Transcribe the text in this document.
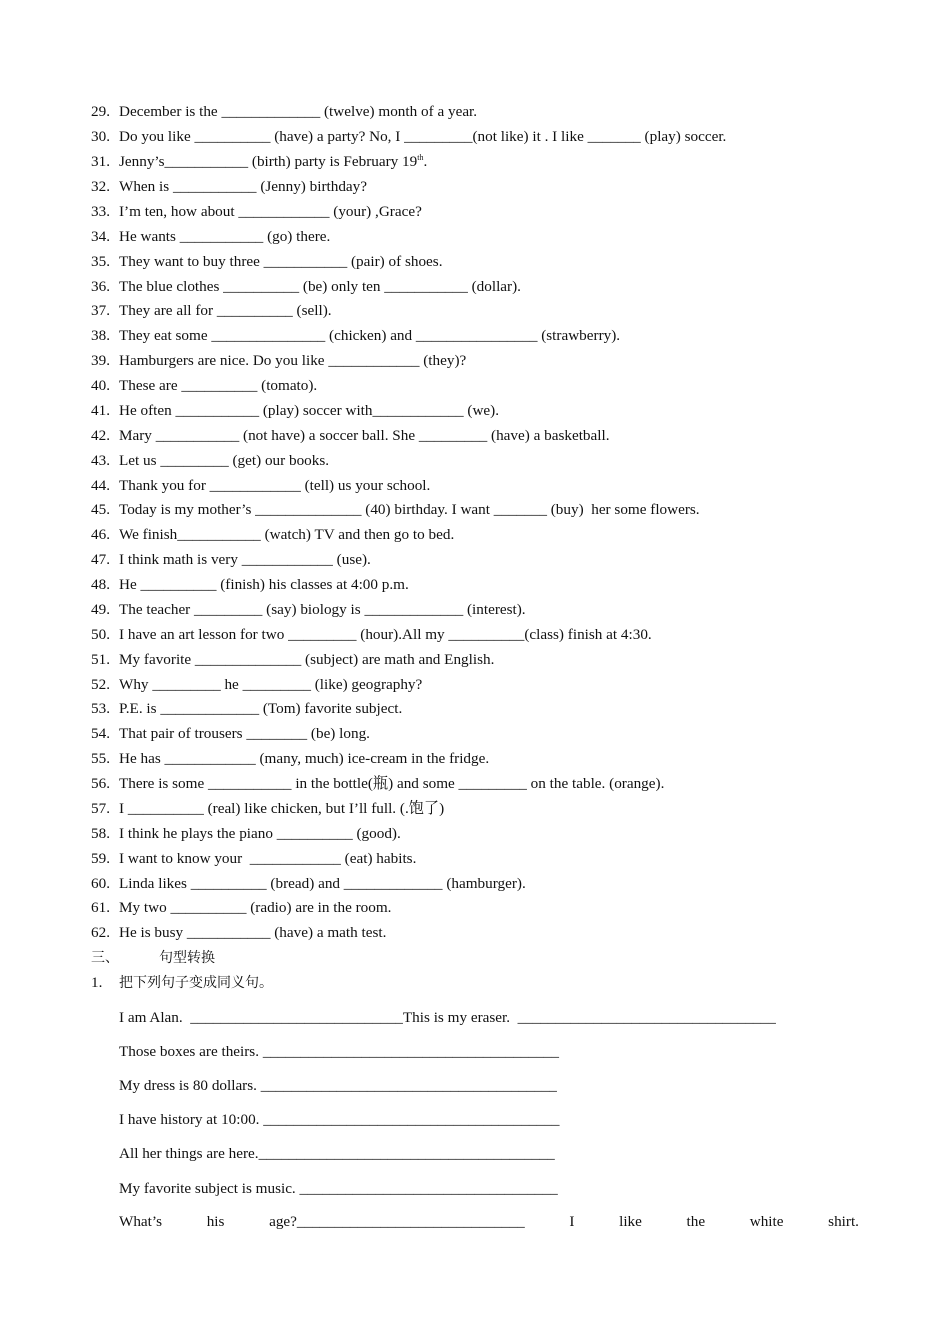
29. December is the _____________ (twelve) month of a year.
30. Do you like __________ (have) a party? No, I _________(not like) it . I like _______ (play) soccer.
31. Jenny’s___________ (birth) party is February 19th.
32. When is ___________ (Jenny) birthday?
33. I’m ten, how about ____________ (your) ,Grace?
34. He wants ___________ (go) there.
35. They want to buy three ___________ (pair) of shoes.
36. The blue clothes __________ (be) only ten ___________ (dollar).
37. They are all for __________ (sell).
38. They eat some _______________ (chicken) and ________________ (strawberry).
39. Hamburgers are nice. Do you like ____________ (they)?
40. These are __________ (tomato).
41. He often ___________ (play) soccer with____________ (we).
42. Mary ___________ (not have) a soccer ball. She _________ (have) a basketball.
43. Let us _________ (get) our books.
44. Thank you for ____________ (tell) us your school.
45. Today is my mother’s ______________ (40) birthday. I want _______ (buy)  her some flowers.
46. We finish___________ (watch) TV and then go to bed.
47. I think math is very ____________ (use).
48. He __________ (finish) his classes at 4:00 p.m.
49. The teacher _________ (say) biology is _____________ (interest).
50. I have an art lesson for two _________ (hour).All my __________(class) finish at 4:30.
51. My favorite ______________ (subject) are math and English.
52. Why _________ he _________ (like) geography?
53. P.E. is _____________ (Tom) favorite subject.
54. That pair of trousers ________ (be) long.
55. He has ____________ (many, much) ice-cream in the fridge.
56. There is some ___________ in the bottle(瓶) and some _________ on the table. (orange).
57. I __________ (real) like chicken, but I’ll full. (.饱了)
58. I think he plays the piano __________ (good).
59. I want to know your  ____________ (eat) habits.
60. Linda likes __________ (bread) and _____________ (hamburger).
61. My two __________ (radio) are in the room.
62. He is busy ___________ (have) a math test.
三、	句型转换
1. 把下列句子变成同义句。
I am Alan.  ____________________________This is my eraser.  __________________________________
Those boxes are theirs. _______________________________________
My dress is 80 dollars. _______________________________________
I have history at 10:00. _______________________________________
All her things are here._______________________________________
My favorite subject is music. __________________________________
What’s	his	age?______________________________	I	like	the	white	shirt.
